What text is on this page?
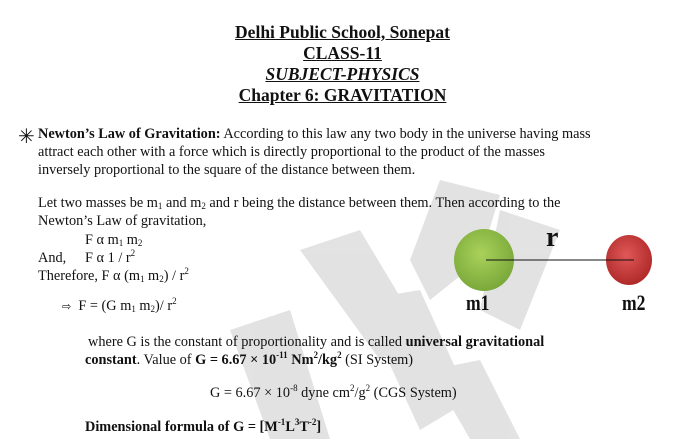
Delhi Public School, Sonepat
CLASS-11
SUBJECT-PHYSICS
Chapter 6: GRAVITATION
✳ Newton’s Law of Gravitation: According to this law any two body in the universe having mass
attract each other with a force which is directly proportional to the product of the masses
inversely proportional to the square of the distance between them.
Let two masses be $m_1$ and $m_2$ and r being the distance between them. Then according to the
Newton’s Law of gravitation,
F α $m_1$ $m_2$
And, F α $1 / r^2$
Therefore, F α ($m_1$ $m_2) / r^2$
⇨ F = (G $m_1$ $m_2)/$ $r^2$
r
m1	m2
where G is the constant of proportionality and is called universal gravitational
constant. Value of $G = 6.67 \times 10^{-11}$ $Nm^2/kg^2$ (SI System)
$G = 6.67 \times 10^{-8}$ dyne $cm^2/g^2$ (CGS System)
Dimensional formula of $G = [M^{-1}L^3T^{-2}]$
